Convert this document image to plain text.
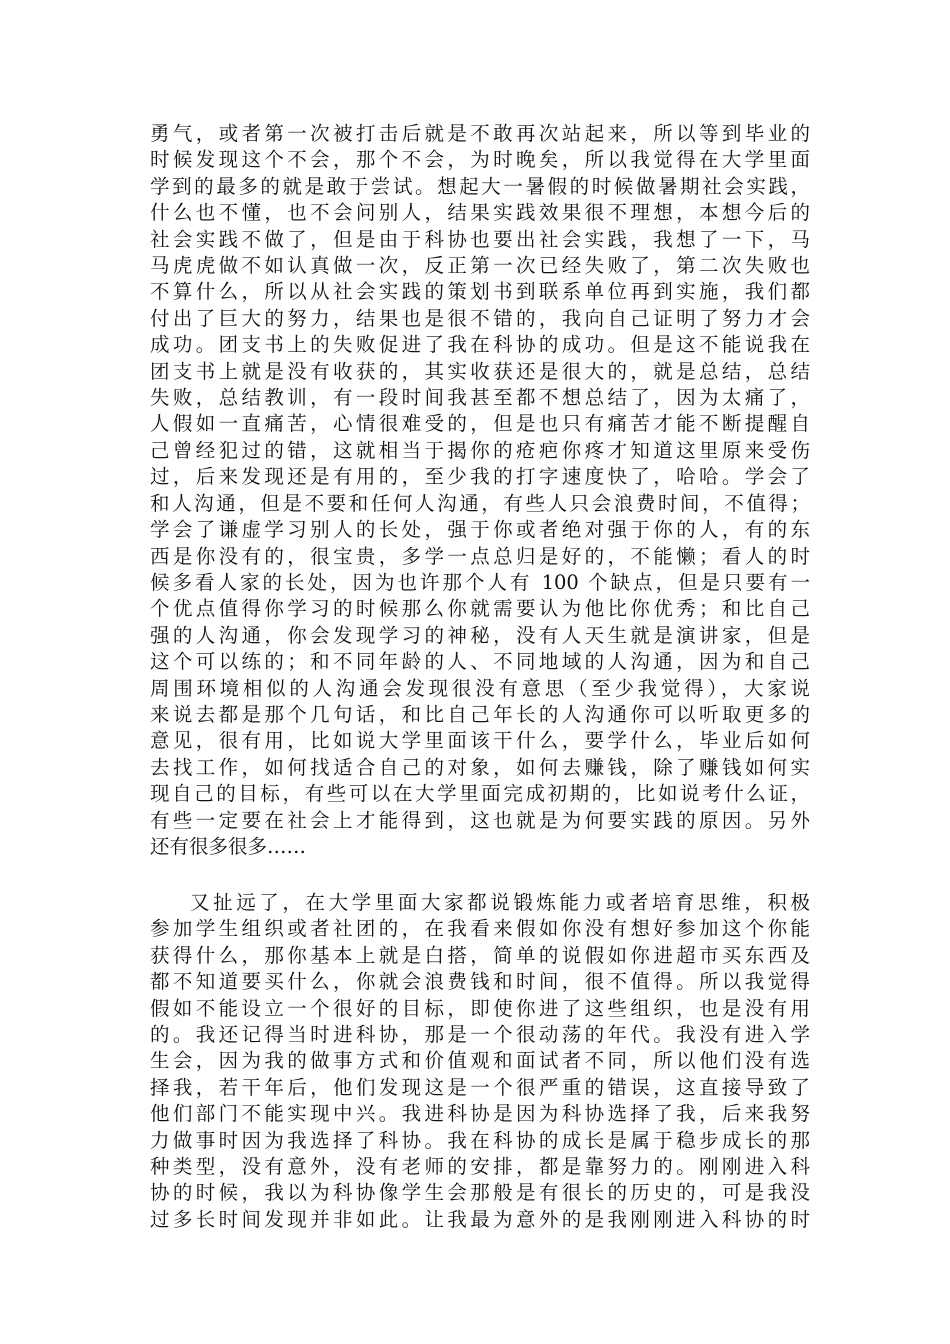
勇气，或者第一次被打击后就是不敢再次站起来，所以等到毕业的
时候发现这个不会，那个不会，为时晚矣，所以我觉得在大学里面
学到的最多的就是敢于尝试。想起大一暑假的时候做暑期社会实践，
什么也不懂，也不会问别人，结果实践效果很不理想，本想今后的
社会实践不做了，但是由于科协也要出社会实践，我想了一下，马
马虎虎做不如认真做一次，反正第一次已经失败了，第二次失败也
不算什么，所以从社会实践的策划书到联系单位再到实施，我们都
付出了巨大的努力，结果也是很不错的，我向自己证明了努力才会
成功。团支书上的失败促进了我在科协的成功。但是这不能说我在
团支书上就是没有收获的，其实收获还是很大的，就是总结，总结
失败，总结教训，有一段时间我甚至都不想总结了，因为太痛了，
人假如一直痛苦，心情很难受的，但是也只有痛苦才能不断提醒自
己曾经犯过的错，这就相当于揭你的疮疤你疼才知道这里原来受伤
过，后来发现还是有用的，至少我的打字速度快了，哈哈。学会了
和人沟通，但是不要和任何人沟通，有些人只会浪费时间，不值得；
学会了谦虚学习别人的长处，强于你或者绝对强于你的人，有的东
西是你没有的，很宝贵，多学一点总归是好的，不能懒；看人的时
候多看人家的长处，因为也许那个人有 100 个缺点，但是只要有一
个优点值得你学习的时候那么你就需要认为他比你优秀；和比自己
强的人沟通，你会发现学习的神秘，没有人天生就是演讲家，但是
这个可以练的；和不同年龄的人、不同地域的人沟通，因为和自己
周围环境相似的人沟通会发现很没有意思（至少我觉得），大家说
来说去都是那个几句话，和比自己年长的人沟通你可以听取更多的
意见，很有用，比如说大学里面该干什么，要学什么，毕业后如何
去找工作，如何找适合自己的对象，如何去赚钱，除了赚钱如何实
现自己的目标，有些可以在大学里面完成初期的，比如说考什么证，
有些一定要在社会上才能得到，这也就是为何要实践的原因。另外
还有很多很多……
又扯远了，在大学里面大家都说锻炼能力或者培育思维，积极
参加学生组织或者社团的，在我看来假如你没有想好参加这个你能
获得什么，那你基本上就是白搭，简单的说假如你进超市买东西及
都不知道要买什么，你就会浪费钱和时间，很不值得。所以我觉得
假如不能设立一个很好的目标，即使你进了这些组织，也是没有用
的。我还记得当时进科协，那是一个很动荡的年代。我没有进入学
生会，因为我的做事方式和价值观和面试者不同，所以他们没有选
择我，若干年后，他们发现这是一个很严重的错误，这直接导致了
他们部门不能实现中兴。我进科协是因为科协选择了我，后来我努
力做事时因为我选择了科协。我在科协的成长是属于稳步成长的那
种类型，没有意外，没有老师的安排，都是靠努力的。刚刚进入科
协的时候，我以为科协像学生会那般是有很长的历史的，可是我没
过多长时间发现并非如此。让我最为意外的是我刚刚进入科协的时
